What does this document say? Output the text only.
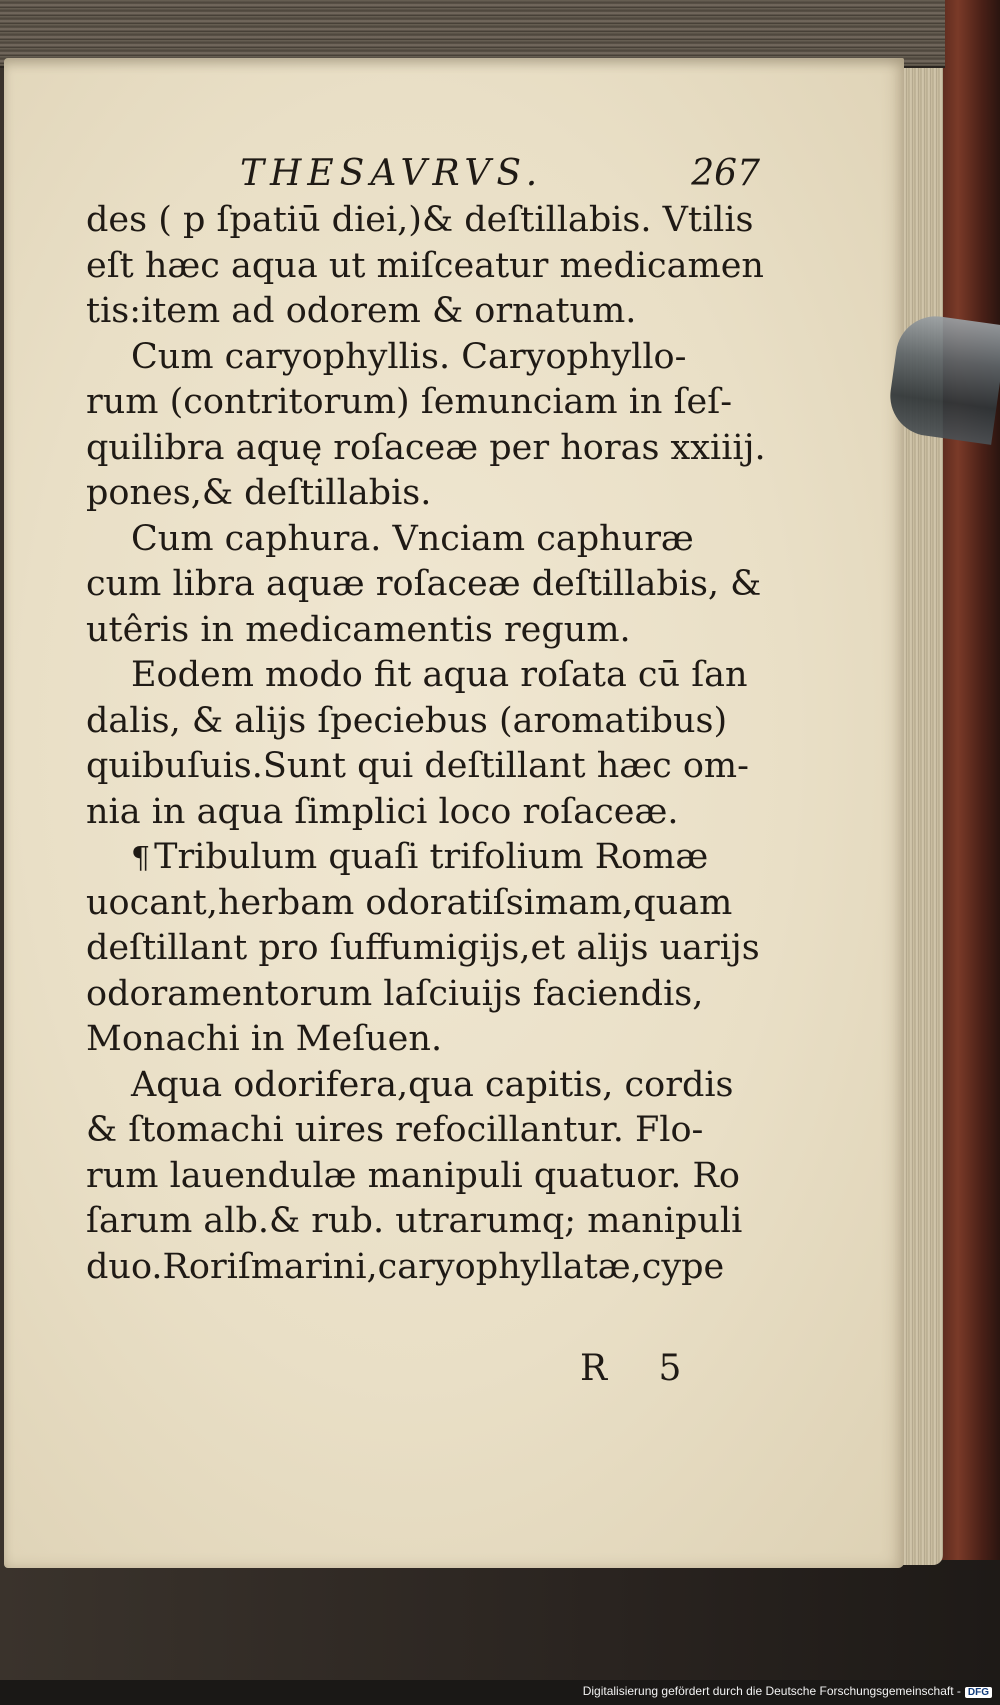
THESAVRVS.	267
des ( p ſpatiū diei,)& deſtillabis. Vtilis
eſt hæc aqua ut miſceatur medicamen
tis:item ad odorem & ornatum.
Cum caryophyllis. Caryophyllo-
rum (contritorum) ſemunciam in ſeſ-
quilibra aquę roſaceæ per horas xxiiij.
pones,& deſtillabis.
Cum caphura. Vnciam caphuræ
cum libra aquæ roſaceæ deſtillabis, &
utêris in medicamentis regum.
Eodem modo fit aqua roſata cū ſan
dalis, & alijs ſpeciebus (aromatibus)
quibuſuis.Sunt qui deſtillant hæc om-
nia in aqua ſimplici loco roſaceæ.
¶ Tribulum quaſi trifolium Romæ
uocant,herbam odoratiſsimam,quam
deſtillant pro ſuffumigijs,et alijs uarijs
odoramentorum laſciuijs faciendis,
Monachi in Meſuen.
Aqua odorifera,qua capitis, cordis
& ſtomachi uires refocillantur. Flo-
rum lauendulæ manipuli quatuor. Ro
ſarum alb.& rub. utrarumq; manipuli
duo.Roriſmarini,caryophyllatæ,cype
R 5
Digitalisierung gefördert durch die Deutsche Forschungsgemeinschaft - DFG
